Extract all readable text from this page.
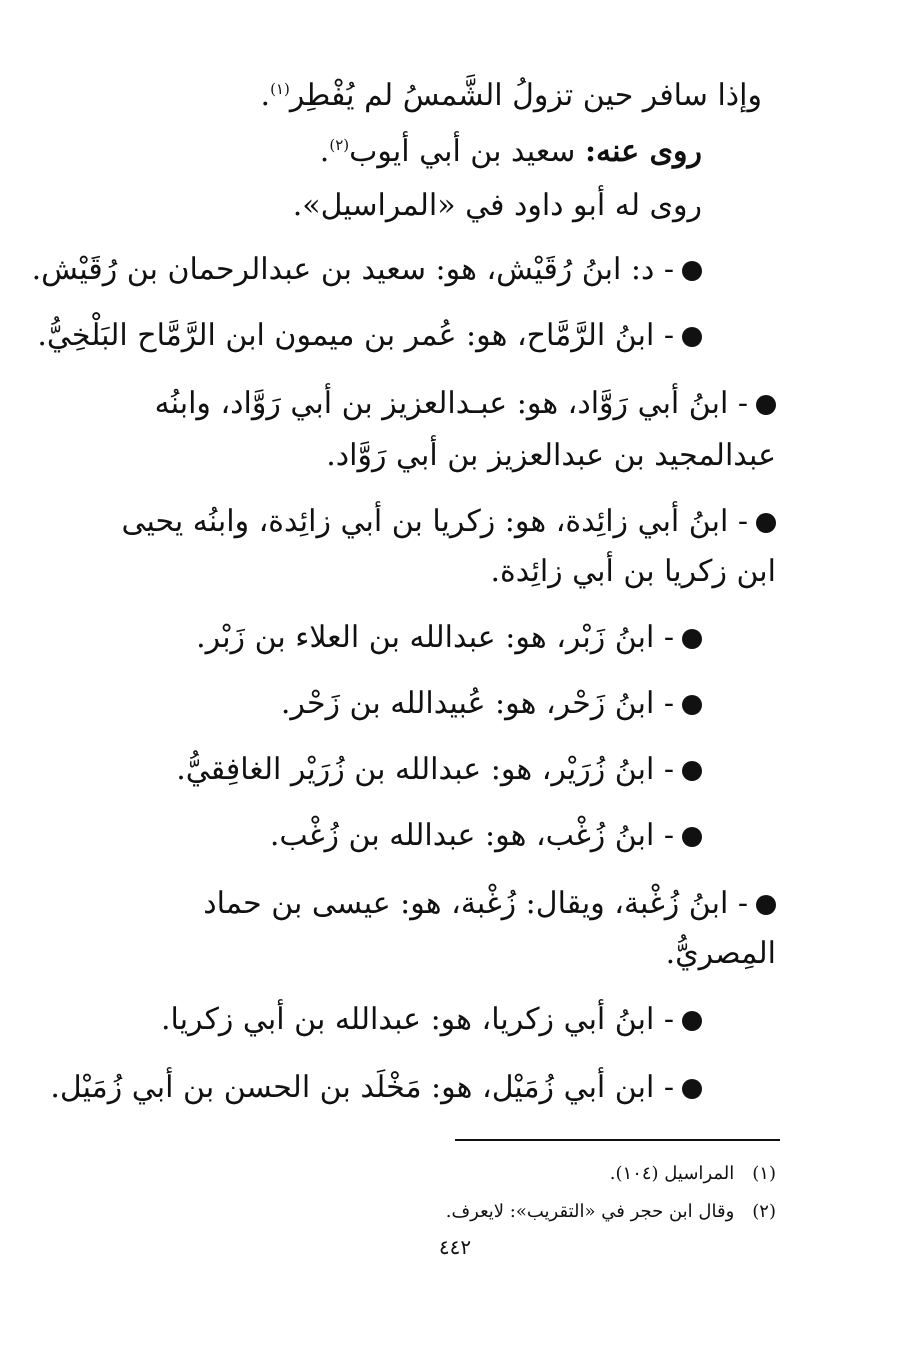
وإذا سافر حين تزولُ الشَّمسُ لم يُفْطِر$^{(١)}$.
روى عنه: سعيد بن أبي أيوب$^{(٢)}$.
روى له أبو داود في «المراسيل».
- د: ابنُ رُقَيْش، هو: سعيد بن عبدالرحمان بن رُقَيْش.
- ابنُ الرَّمَّاح، هو: عُمر بن ميمون ابن الرَّمَّاح البَلْخِيُّ.
- ابنُ أبي رَوَّاد، هو: عبـدالعزيز بن أبي رَوَّاد، وابنُه
عبدالمجيد بن عبدالعزيز بن أبي رَوَّاد.
- ابنُ أبي زائِدة، هو: زكريا بن أبي زائِدة، وابنُه يحيى
ابن زكريا بن أبي زائِدة.
- ابنُ زَبْر، هو: عبدالله بن العلاء بن زَبْر.
- ابنُ زَحْر، هو: عُبيدالله بن زَحْر.
- ابنُ زُرَيْر، هو: عبدالله بن زُرَيْر الغافِقيُّ.
- ابنُ زُغْب، هو: عبدالله بن زُغْب.
- ابنُ زُغْبة، ويقال: زُغْبة، هو: عيسى بن حماد
المِصريُّ.
- ابنُ أبي زكريا، هو: عبدالله بن أبي زكريا.
- ابن أبي زُمَيْل، هو: مَخْلَد بن الحسن بن أبي زُمَيْل.
(١)المراسيل (١٠٤).
(٢)وقال ابن حجر في «التقريب»: لايعرف.
٤٤٢
